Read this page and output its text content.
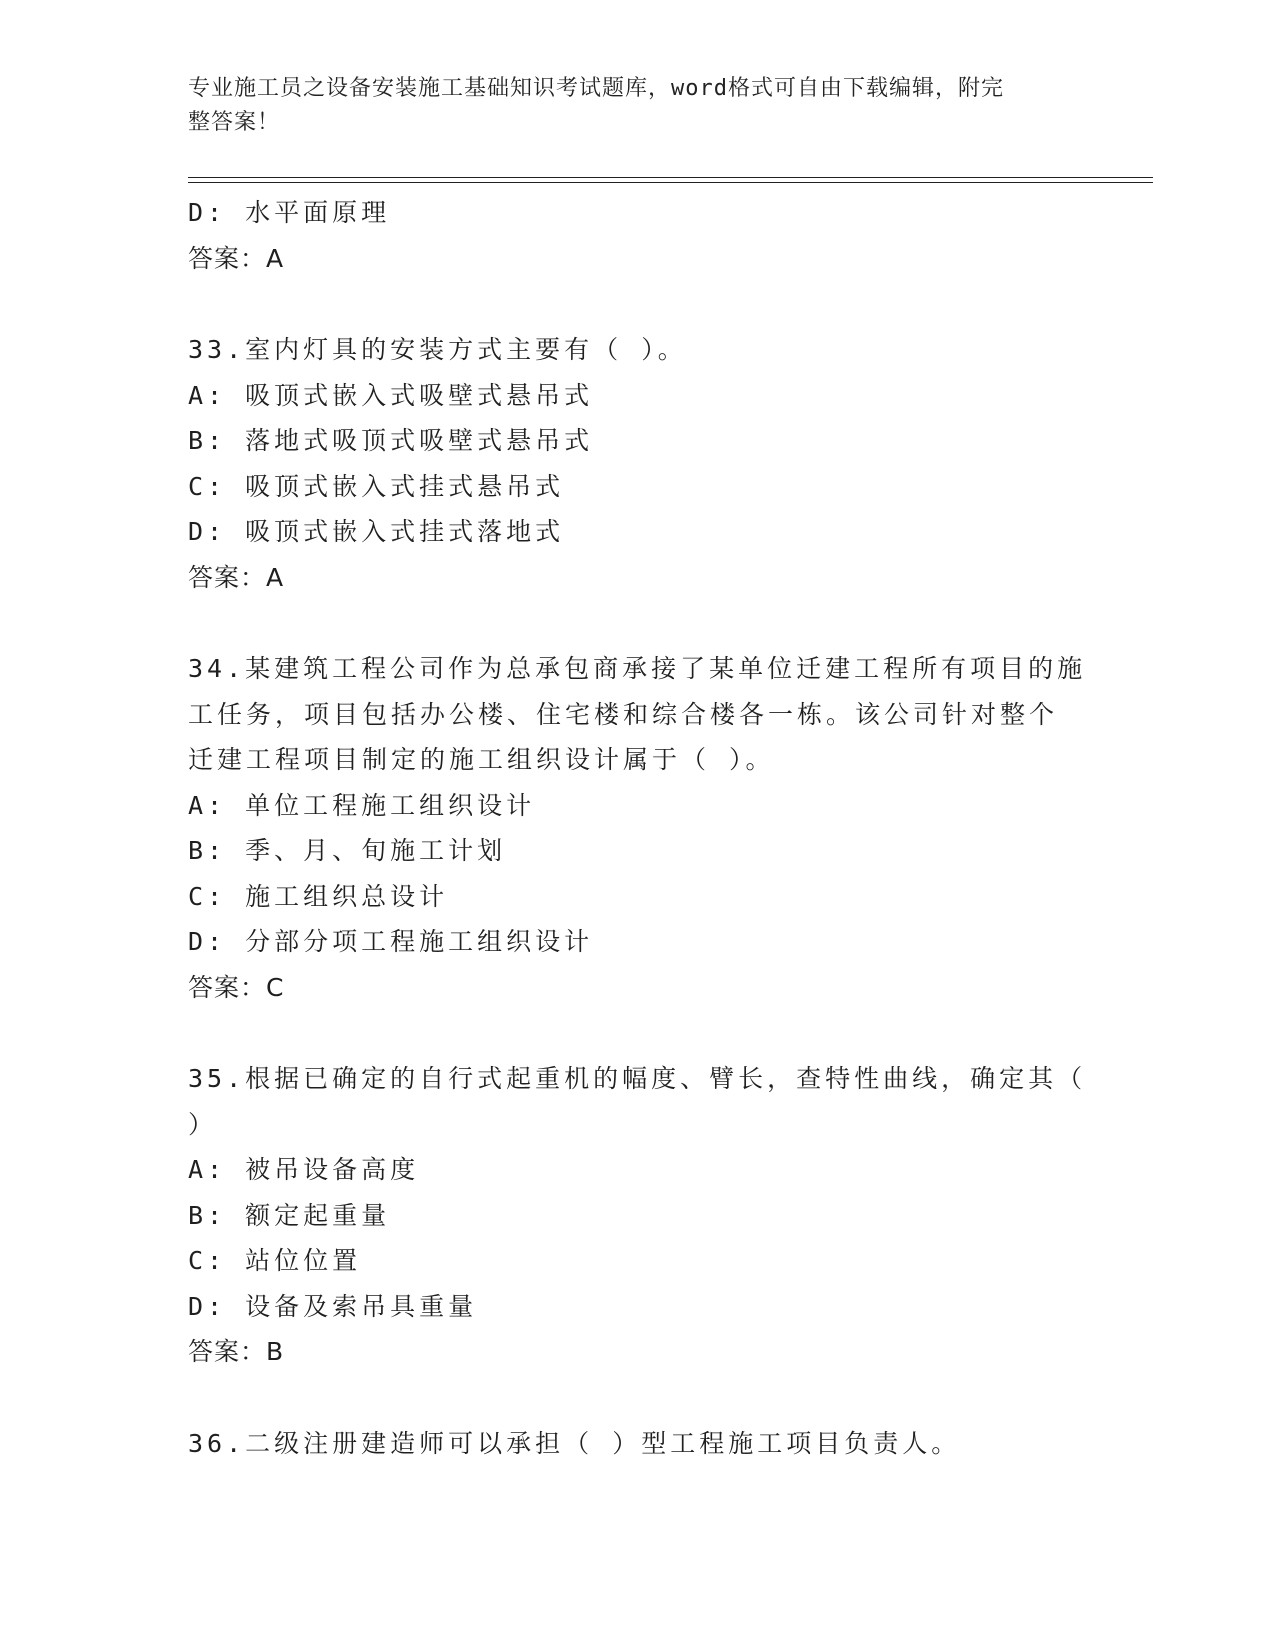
专业施工员之设备安装施工基础知识考试题库，word格式可自由下载编辑，附完
整答案！
D: 水平面原理
答案：A
33.室内灯具的安装方式主要有（ ）。
A: 吸顶式嵌入式吸壁式悬吊式
B: 落地式吸顶式吸壁式悬吊式
C: 吸顶式嵌入式挂式悬吊式
D: 吸顶式嵌入式挂式落地式
答案：A
34.某建筑工程公司作为总承包商承接了某单位迁建工程所有项目的施
工任务，项目包括办公楼、住宅楼和综合楼各一栋。该公司针对整个
迁建工程项目制定的施工组织设计属于（ ）。
A: 单位工程施工组织设计
B: 季、月、旬施工计划
C: 施工组织总设计
D: 分部分项工程施工组织设计
答案：C
35.根据已确定的自行式起重机的幅度、臂长，查特性曲线，确定其（
）
A: 被吊设备高度
B: 额定起重量
C: 站位位置
D: 设备及索吊具重量
答案：B
36.二级注册建造师可以承担（ ）型工程施工项目负责人。
